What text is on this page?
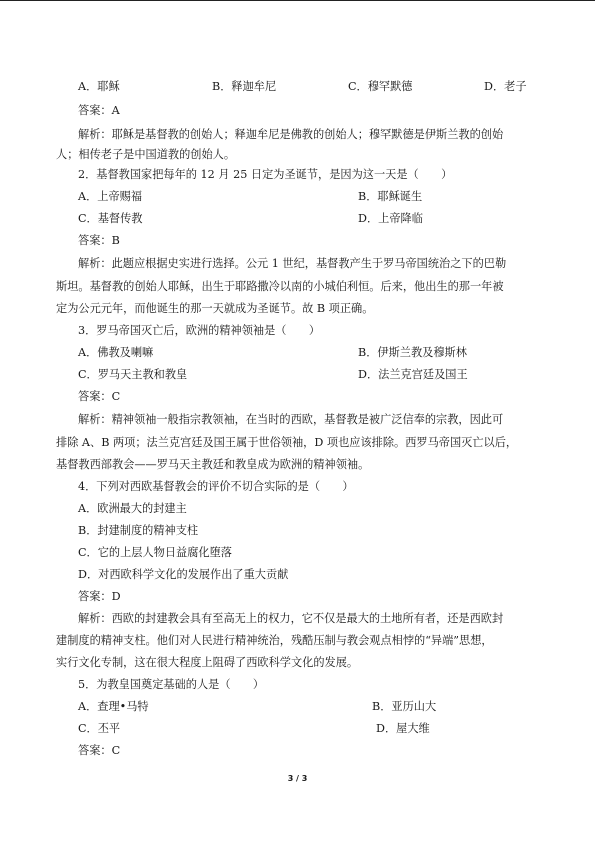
A．耶稣	B．释迦牟尼	C．穆罕默德	D．老子
答案：A
解析：耶稣是基督教的创始人；释迦牟尼是佛教的创始人；穆罕默德是伊斯兰教的创始
人；相传老子是中国道教的创始人。
2．基督教国家把每年的 12 月 25 日定为圣诞节，是因为这一天是（　　）
A．上帝赐福	B．耶稣诞生
C．基督传教	D．上帝降临
答案：B
解析：此题应根据史实进行选择。公元 1 世纪，基督教产生于罗马帝国统治之下的巴勒
斯坦。基督教的创始人耶稣，出生于耶路撒冷以南的小城伯利恒。后来，他出生的那一年被
定为公元元年，而他诞生的那一天就成为圣诞节。故 B 项正确。
3．罗马帝国灭亡后，欧洲的精神领袖是（　　）
A．佛教及喇嘛	B．伊斯兰教及穆斯林
C．罗马天主教和教皇	D．法兰克宫廷及国王
答案：C
解析：精神领袖一般指宗教领袖，在当时的西欧，基督教是被广泛信奉的宗教，因此可
排除 A、B 两项；法兰克宫廷及国王属于世俗领袖，D 项也应该排除。西罗马帝国灭亡以后，
基督教西部教会——罗马天主教廷和教皇成为欧洲的精神领袖。
4．下列对西欧基督教会的评价不切合实际的是（　　）
A．欧洲最大的封建主
B．封建制度的精神支柱
C．它的上层人物日益腐化堕落
D．对西欧科学文化的发展作出了重大贡献
答案：D
解析：西欧的封建教会具有至高无上的权力，它不仅是最大的土地所有者，还是西欧封
建制度的精神支柱。他们对人民进行精神统治，残酷压制与教会观点相悖的“异端”思想，
实行文化专制，这在很大程度上阻碍了西欧科学文化的发展。
5．为教皇国奠定基础的人是（　　）
A．查理•马特	B．亚历山大
C．丕平	D．屋大维
答案：C
3 / 3
